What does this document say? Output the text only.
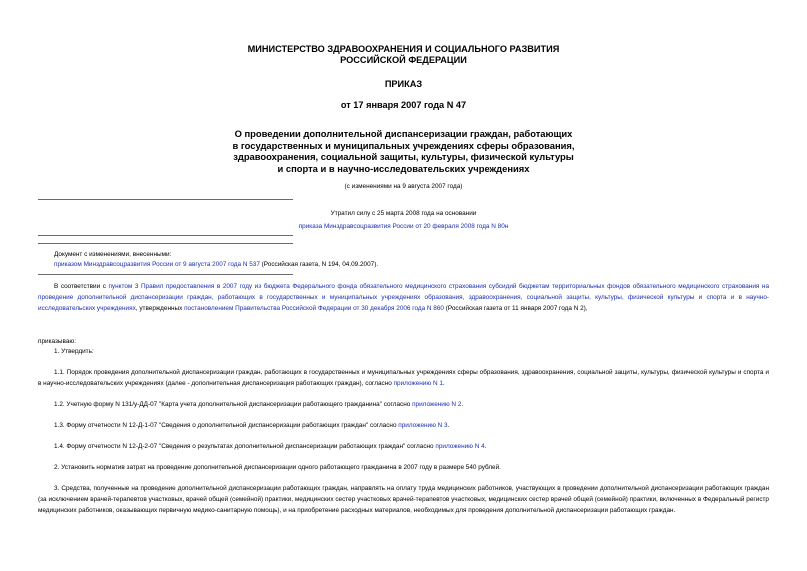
МИНИСТЕРСТВО ЗДРАВООХРАНЕНИЯ И СОЦИАЛЬНОГО РАЗВИТИЯ
РОССИЙСКОЙ ФЕДЕРАЦИИ
ПРИКАЗ
от 17 января 2007 года N 47
О проведении дополнительной диспансеризации граждан, работающих
в государственных и муниципальных учреждениях сферы образования,
здравоохранения, социальной защиты, культуры, физической культуры
и спорта и в научно-исследовательских учреждениях
(с изменениями на 9 августа 2007 года)
Утратил силу с 25 марта 2008 года на основании
приказа Минздравсоцразвития России от 20 февраля 2008 года N 80н
Документ с изменениями, внесенными:
приказом Минздравсоцразвития России от 9 августа 2007 года N 537 (Российская газета, N 194, 04.09.2007).
В соответствии с пунктом 3 Правил предоставления в 2007 году из бюджета Федерального фонда обязательного медицинского страхования субсидий бюджетам территориальных фондов обязательного медицинского страхования на проведение дополнительной диспансеризации граждан, работающих в государственных и муниципальных учреждениях образования, здравоохранения, социальной защиты, культуры, физической культуры и спорта и в научно-исследовательских учреждениях, утвержденных постановлением Правительства Российской Федерации от 30 декабря 2006 года N 860 (Российская газета от 11 января 2007 года N 2),
приказываю:
1. Утвердить:
1.1. Порядок проведения дополнительной диспансеризации граждан, работающих в государственных и муниципальных учреждениях сферы образования, здравоохранения, социальной защиты, культуры, физической культуры и спорта и в научно-исследовательских учреждениях (далее - дополнительная диспансеризация работающих граждан), согласно приложению N 1.
1.2. Учетную форму N 131/у-ДД-07 "Карта учета дополнительной диспансеризации работающего гражданина" согласно приложению N 2.
1.3. Форму отчетности N 12-Д-1-07 "Сведения о дополнительной диспансеризации работающих граждан" согласно приложению N 3.
1.4. Форму отчетности N 12-Д-2-07 "Сведения о результатах дополнительной диспансеризации работающих граждан" согласно приложению N 4.
2. Установить норматив затрат на проведение дополнительной диспансеризации одного работающего гражданина в 2007 году в размере 540 рублей.
3. Средства, полученные на проведение дополнительной диспансеризации работающих граждан, направлять на оплату труда медицинских работников, участвующих в проведении дополнительной диспансеризации работающих граждан (за исключением врачей-терапевтов участковых, врачей общей (семейной) практики, медицинских сестер участковых врачей-терапевтов участковых, медицинских сестер врачей общей (семейной) практики, включенных в Федеральный регистр медицинских работников, оказывающих первичную медико-санитарную помощь), и на приобретение расходных материалов, необходимых для проведения дополнительной диспансеризации работающих граждан.
